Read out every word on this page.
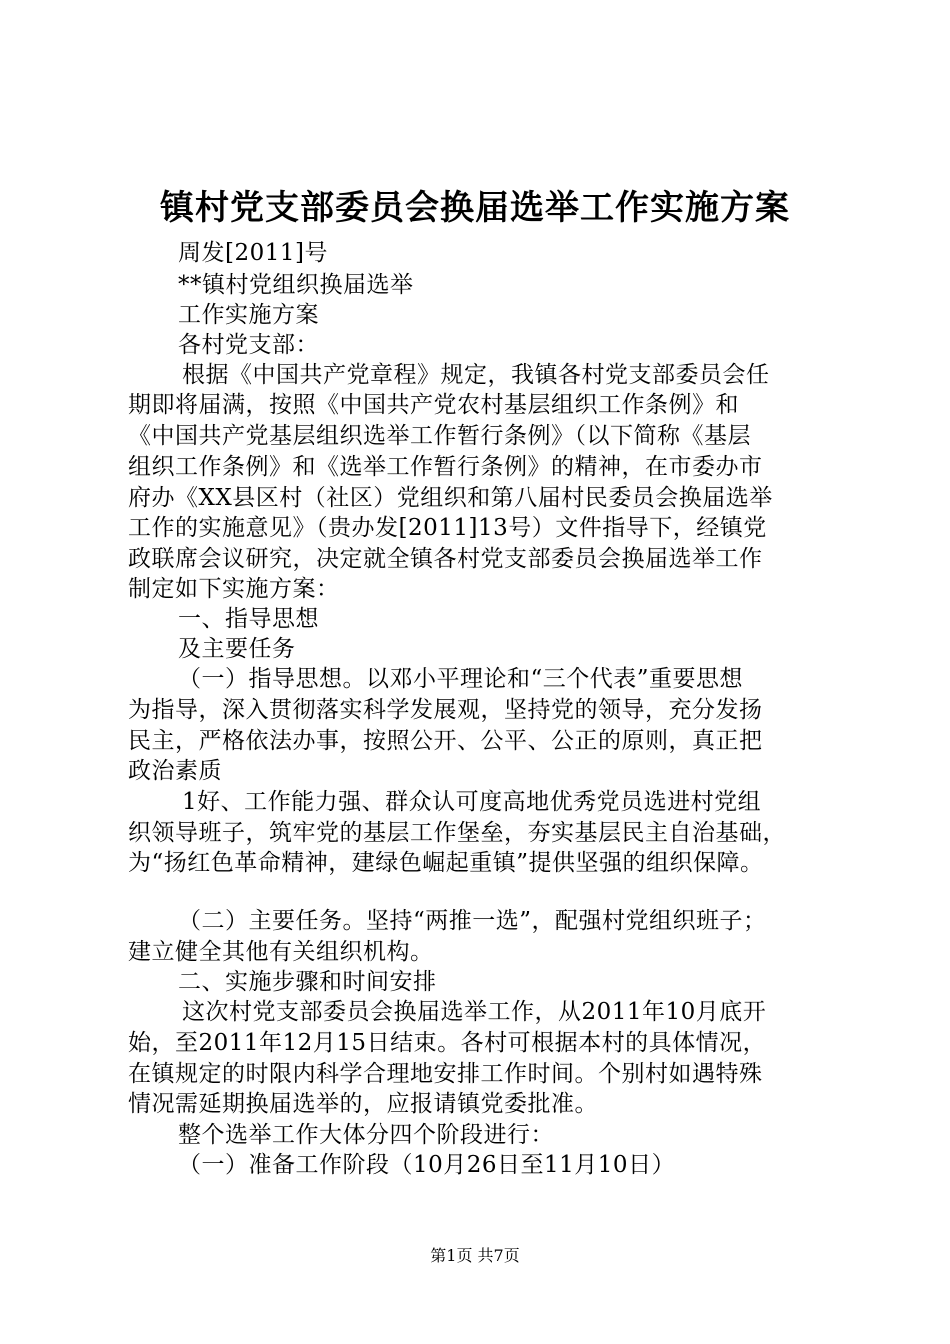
镇村党支部委员会换届选举工作实施方案
周发[2011]号
**镇村党组织换届选举
工作实施方案
各村党支部：
根据《中国共产党章程》规定，我镇各村党支部委员会任
期即将届满，按照《中国共产党农村基层组织工作条例》和
《中国共产党基层组织选举工作暂行条例》（以下简称《基层
组织工作条例》和《选举工作暂行条例》的精神，在市委办市
府办《XX县区村（社区）党组织和第八届村民委员会换届选举
工作的实施意见》（贵办发[2011]13号）文件指导下，经镇党
政联席会议研究，决定就全镇各村党支部委员会换届选举工作
制定如下实施方案：
一、指导思想
及主要任务
（一）指导思想。以邓小平理论和“三个代表”重要思想
为指导，深入贯彻落实科学发展观，坚持党的领导，充分发扬
民主，严格依法办事，按照公开、公平、公正的原则，真正把
政治素质
1好、工作能力强、群众认可度高地优秀党员选进村党组
织领导班子，筑牢党的基层工作堡垒，夯实基层民主自治基础，
为“扬红色革命精神，建绿色崛起重镇”提供坚强的组织保障。
（二）主要任务。坚持“两推一选”，配强村党组织班子；
建立健全其他有关组织机构。
二、实施步骤和时间安排
这次村党支部委员会换届选举工作，从2011年10月底开
始，至2011年12月15日结束。各村可根据本村的具体情况，
在镇规定的时限内科学合理地安排工作时间。个别村如遇特殊
情况需延期换届选举的，应报请镇党委批准。
整个选举工作大体分四个阶段进行：
（一）准备工作阶段（10月26日至11月10日）
第1页 共7页
